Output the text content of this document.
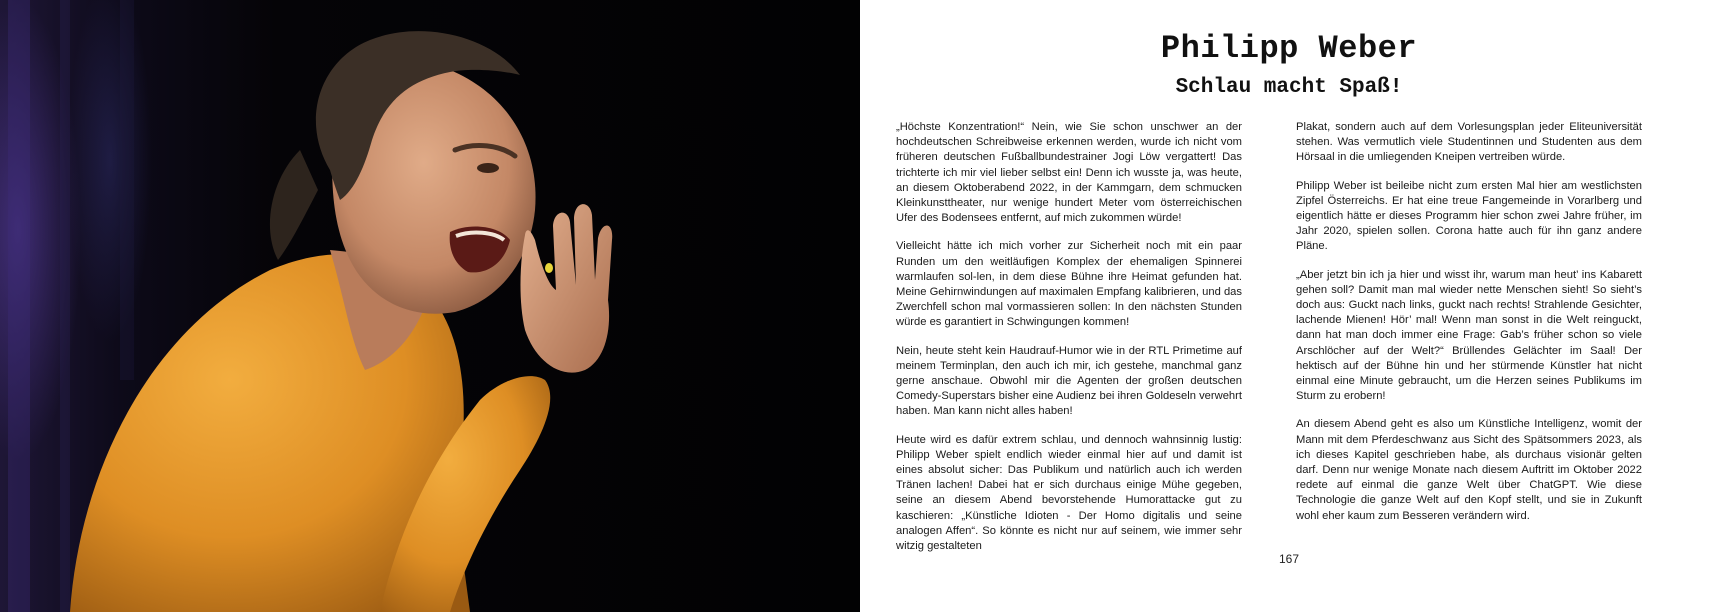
Philipp Weber
Schlau macht Spaß!

„Höchste Konzentration!“ Nein, wie Sie schon unschwer an der hochdeutschen Schreibweise erkennen werden, wurde ich nicht vom früheren deutschen Fußballbundestrainer Jogi Löw vergattert! Das trichterte ich mir viel lieber selbst ein! Denn ich wusste ja, was heute, an diesem Oktoberabend 2022, in der Kammgarn, dem schmucken Kleinkunsttheater, nur wenige hundert Meter vom österreichischen Ufer des Bodensees entfernt, auf mich zukommen würde!

Vielleicht hätte ich mich vorher zur Sicherheit noch mit ein paar Runden um den weitläufigen Komplex der ehemaligen Spinnerei warmlaufen sol-len, in dem diese Bühne ihre Heimat gefunden hat. Meine Gehirnwindungen auf maximalen Empfang kalibrieren, und das Zwerchfell schon mal vormassieren sollen: In den nächsten Stunden würde es garantiert in Schwingungen kommen!

Nein, heute steht kein Haudrauf-Humor wie in der RTL Primetime auf meinem Terminplan, den auch ich mir, ich gestehe, manchmal ganz gerne anschaue. Obwohl mir die Agenten der großen deutschen Comedy-Superstars bisher eine Audienz bei ihren Goldeseln verwehrt haben. Man kann nicht alles haben!

Heute wird es dafür extrem schlau, und dennoch wahnsinnig lustig: Philipp Weber spielt endlich wieder einmal hier auf und damit ist eines absolut sicher: Das Publikum und natürlich auch ich werden Tränen lachen! Dabei hat er sich durchaus einige Mühe gegeben, seine an diesem Abend bevorstehende Humorattacke gut zu kaschieren: „Künstliche Idioten - Der Homo digitalis und seine analogen Affen“. So könnte es nicht nur auf seinem, wie immer sehr witzig gestalteten

Plakat, sondern auch auf dem Vorlesungsplan jeder Eliteuniversität stehen. Was vermutlich viele Studentinnen und Studenten aus dem Hörsaal in die umliegenden Kneipen vertreiben würde.

Philipp Weber ist beileibe nicht zum ersten Mal hier am westlichsten Zipfel Österreichs. Er hat eine treue Fangemeinde in Vorarlberg und eigentlich hätte er dieses Programm hier schon zwei Jahre früher, im Jahr 2020, spielen sollen. Corona hatte auch für ihn ganz andere Pläne.

„Aber jetzt bin ich ja hier und wisst ihr, warum man heut’ ins Kabarett gehen soll? Damit man mal wieder nette Menschen sieht! So sieht’s doch aus: Guckt nach links, guckt nach rechts! Strahlende Gesichter, lachende Mienen! Hör’ mal! Wenn man sonst in die Welt reinguckt, dann hat man doch immer eine Frage: Gab’s früher schon so viele Arschlöcher auf der Welt?“ Brüllendes Gelächter im Saal! Der hektisch auf der Bühne hin und her stürmende Künstler hat nicht einmal eine Minute gebraucht, um die Herzen seines Publikums im Sturm zu erobern!

An diesem Abend geht es also um Künstliche Intelligenz, womit der Mann mit dem Pferdeschwanz aus Sicht des Spätsommers 2023, als ich dieses Kapitel geschrieben habe, als durchaus visionär gelten darf. Denn nur wenige Monate nach diesem Auftritt im Oktober 2022 redete auf einmal die ganze Welt über ChatGPT. Wie diese Technologie die ganze Welt auf den Kopf stellt, und sie in Zukunft wohl eher kaum zum Besseren verändern wird.

167
